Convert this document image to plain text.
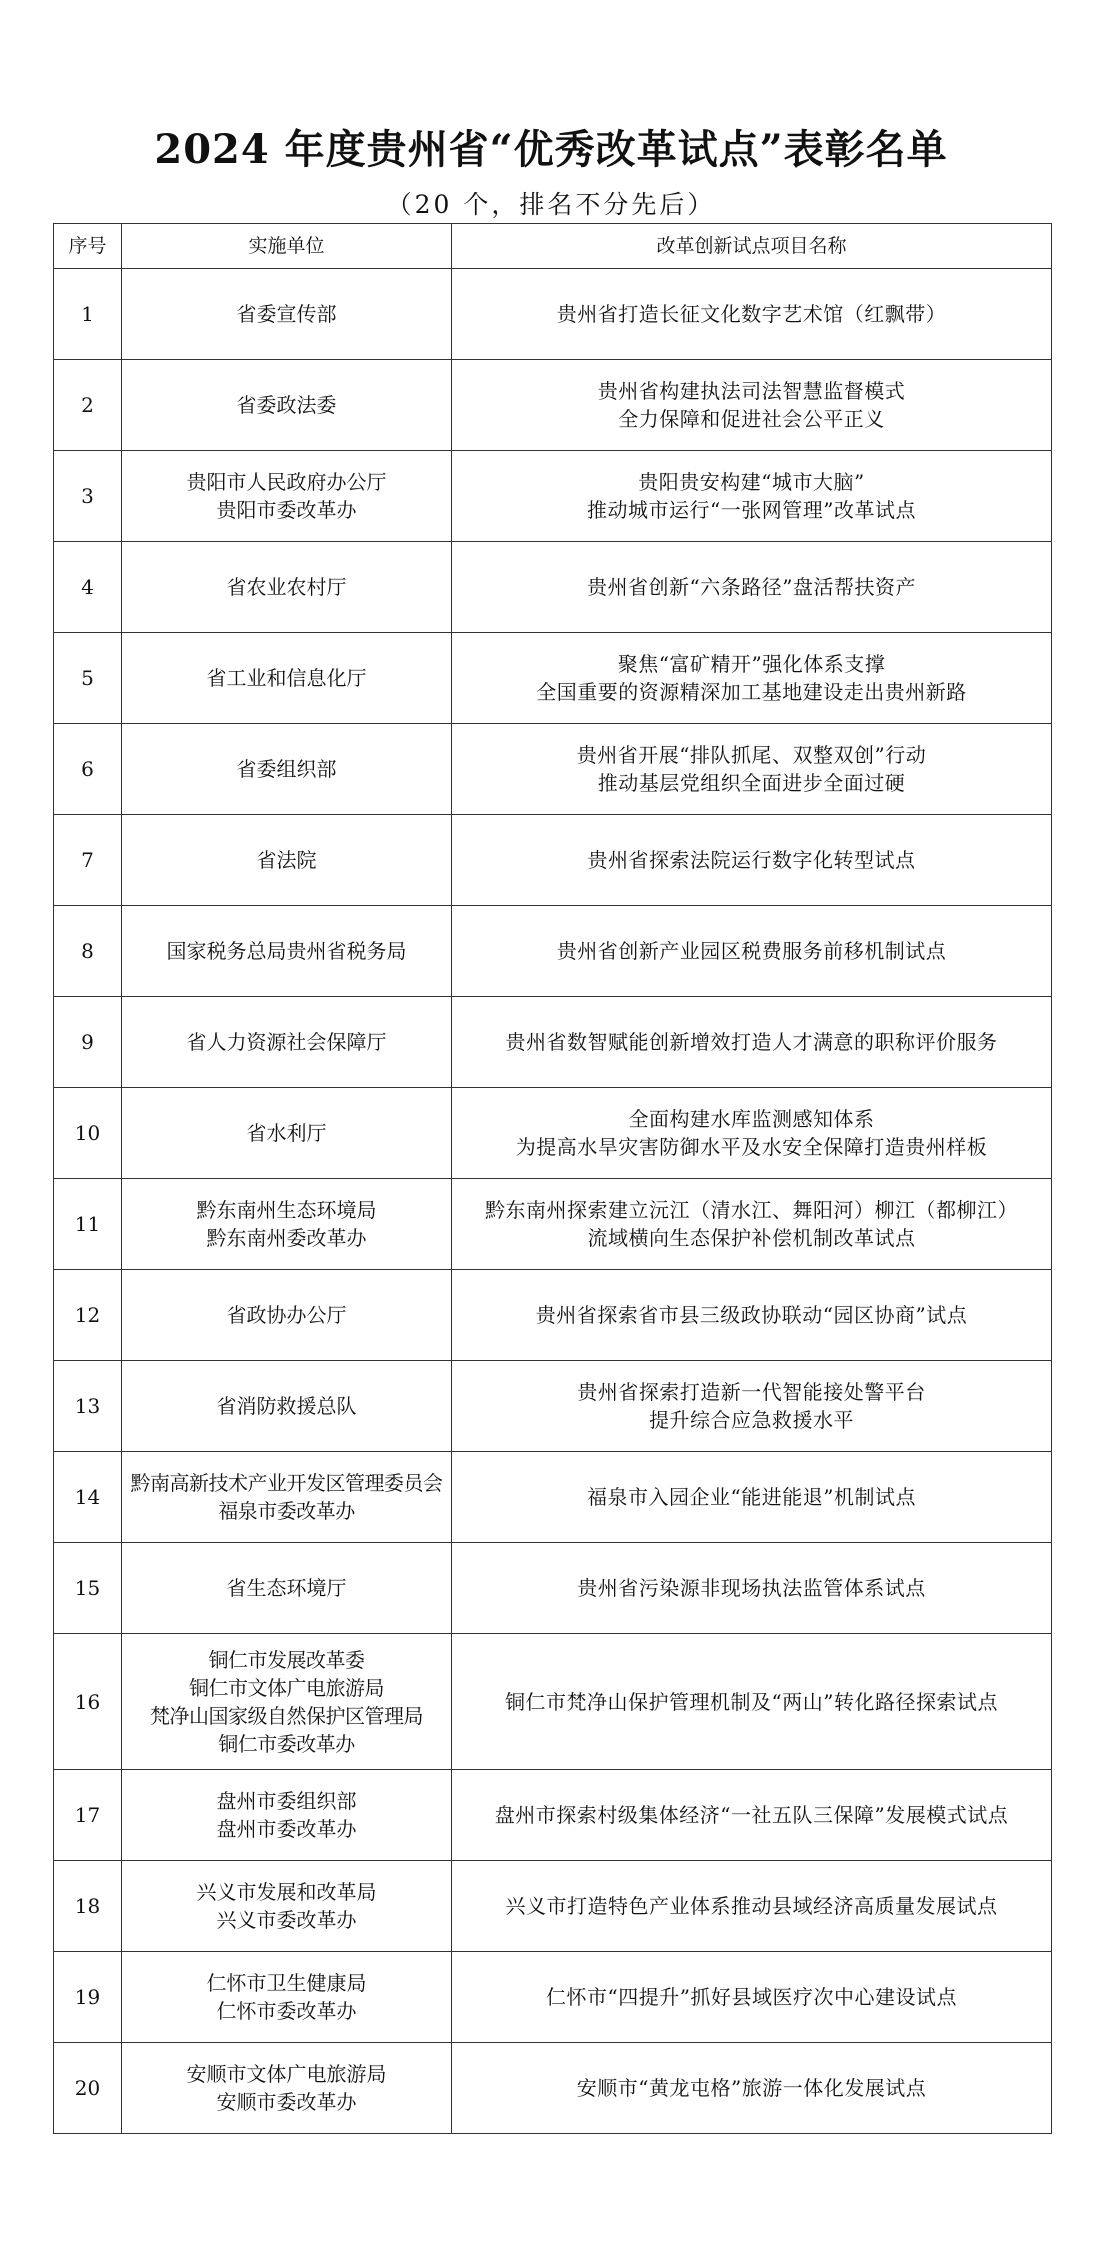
2024 年度贵州省“优秀改革试点”表彰名单
（20 个，排名不分先后）
序号	实施单位	改革创新试点项目名称
1	省委宣传部	贵州省打造长征文化数字艺术馆（红飘带）

2	省委政法委	贵州省构建执法司法智慧监督模式
全力保障和促进社会公平正义

3	贵阳市人民政府办公厅
贵阳市委改革办	贵阳贵安构建“城市大脑”
推动城市运行“一张网管理”改革试点

4	省农业农村厅	贵州省创新“六条路径”盘活帮扶资产

5	省工业和信息化厅	聚焦“富矿精开”强化体系支撑
全国重要的资源精深加工基地建设走出贵州新路

6	省委组织部	贵州省开展“排队抓尾、双整双创”行动
推动基层党组织全面进步全面过硬

7	省法院	贵州省探索法院运行数字化转型试点

8	国家税务总局贵州省税务局	贵州省创新产业园区税费服务前移机制试点

9	省人力资源社会保障厅	贵州省数智赋能创新增效打造人才满意的职称评价服务

10	省水利厅	全面构建水库监测感知体系
为提高水旱灾害防御水平及水安全保障打造贵州样板

11	黔东南州生态环境局
黔东南州委改革办	黔东南州探索建立沅江（清水江、舞阳河）柳江（都柳江）
流域横向生态保护补偿机制改革试点

12	省政协办公厅	贵州省探索省市县三级政协联动“园区协商”试点

13	省消防救援总队	贵州省探索打造新一代智能接处警平台
提升综合应急救援水平

14	黔南高新技术产业开发区管理委员会
福泉市委改革办	福泉市入园企业“能进能退”机制试点

15	省生态环境厅	贵州省污染源非现场执法监管体系试点

16	铜仁市发展改革委
铜仁市文体广电旅游局
梵净山国家级自然保护区管理局
铜仁市委改革办	铜仁市梵净山保护管理机制及“两山”转化路径探索试点

17	盘州市委组织部
盘州市委改革办	盘州市探索村级集体经济“一社五队三保障”发展模式试点

18	兴义市发展和改革局
兴义市委改革办	兴义市打造特色产业体系推动县域经济高质量发展试点

19	仁怀市卫生健康局
仁怀市委改革办	仁怀市“四提升”抓好县域医疗次中心建设试点

20	安顺市文体广电旅游局
安顺市委改革办	安顺市“黄龙屯格”旅游一体化发展试点
